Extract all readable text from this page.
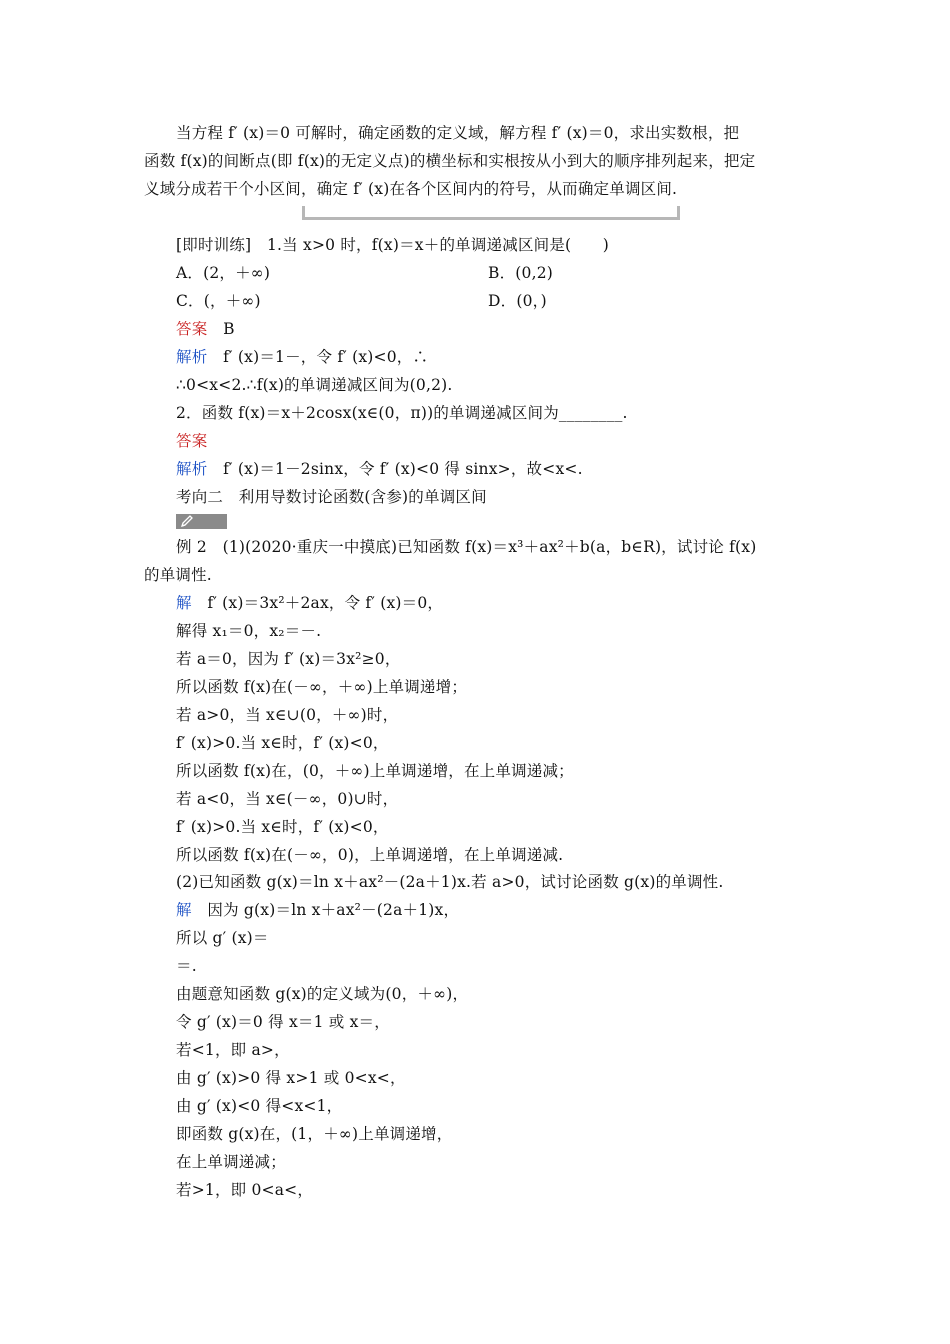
当方程 f′ (x)＝0 可解时，确定函数的定义域，解方程 f′ (x)＝0，求出实数根，把
函数 f(x)的间断点(即 f(x)的无定义点)的横坐标和实根按从小到大的顺序排列起来，把定
义域分成若干个小区间，确定 f′ (x)在各个区间内的符号，从而确定单调区间.
[即时训练]　1.当 x>0 时，f(x)＝x＋的单调递减区间是(　　)
A．(2，＋∞)	B．(0,2)
C．(，＋∞)	D．(0，)
答案　B
解析　f′ (x)＝1－，令 f′ (x)<0，∴
∴0<x<2.∴f(x)的单调递减区间为(0,2).
2．函数 f(x)＝x＋2cosx(x∈(0，π))的单调递减区间为________.
答案
解析　f′ (x)＝1－2sinx，令 f′ (x)<0 得 sinx>，故<x<.
考向二　利用导数讨论函数(含参)的单调区间
例 2　(1)(2020·重庆一中摸底)已知函数 f(x)＝x³＋ax²＋b(a，b∈R)，试讨论 f(x)
的单调性.
解　f′ (x)＝3x²＋2ax，令 f′ (x)＝0，
解得 x₁＝0，x₂＝－.
若 a＝0，因为 f′ (x)＝3x²≥0，
所以函数 f(x)在(－∞，＋∞)上单调递增；
若 a>0，当 x∈∪(0，＋∞)时，
f′ (x)>0.当 x∈时，f′ (x)<0，
所以函数 f(x)在，(0，＋∞)上单调递增，在上单调递减；
若 a<0，当 x∈(－∞，0)∪时，
f′ (x)>0.当 x∈时，f′ (x)<0，
所以函数 f(x)在(－∞，0)，上单调递增，在上单调递减.
(2)已知函数 g(x)＝ln x＋ax²－(2a＋1)x.若 a>0，试讨论函数 g(x)的单调性.
解　因为 g(x)＝ln x＋ax²－(2a＋1)x，
所以 g′ (x)＝
＝.
由题意知函数 g(x)的定义域为(0，＋∞)，
令 g′ (x)＝0 得 x＝1 或 x＝，
若<1，即 a>，
由 g′ (x)>0 得 x>1 或 0<x<，
由 g′ (x)<0 得<x<1，
即函数 g(x)在，(1，＋∞)上单调递增，
在上单调递减；
若>1，即 0<a<，
